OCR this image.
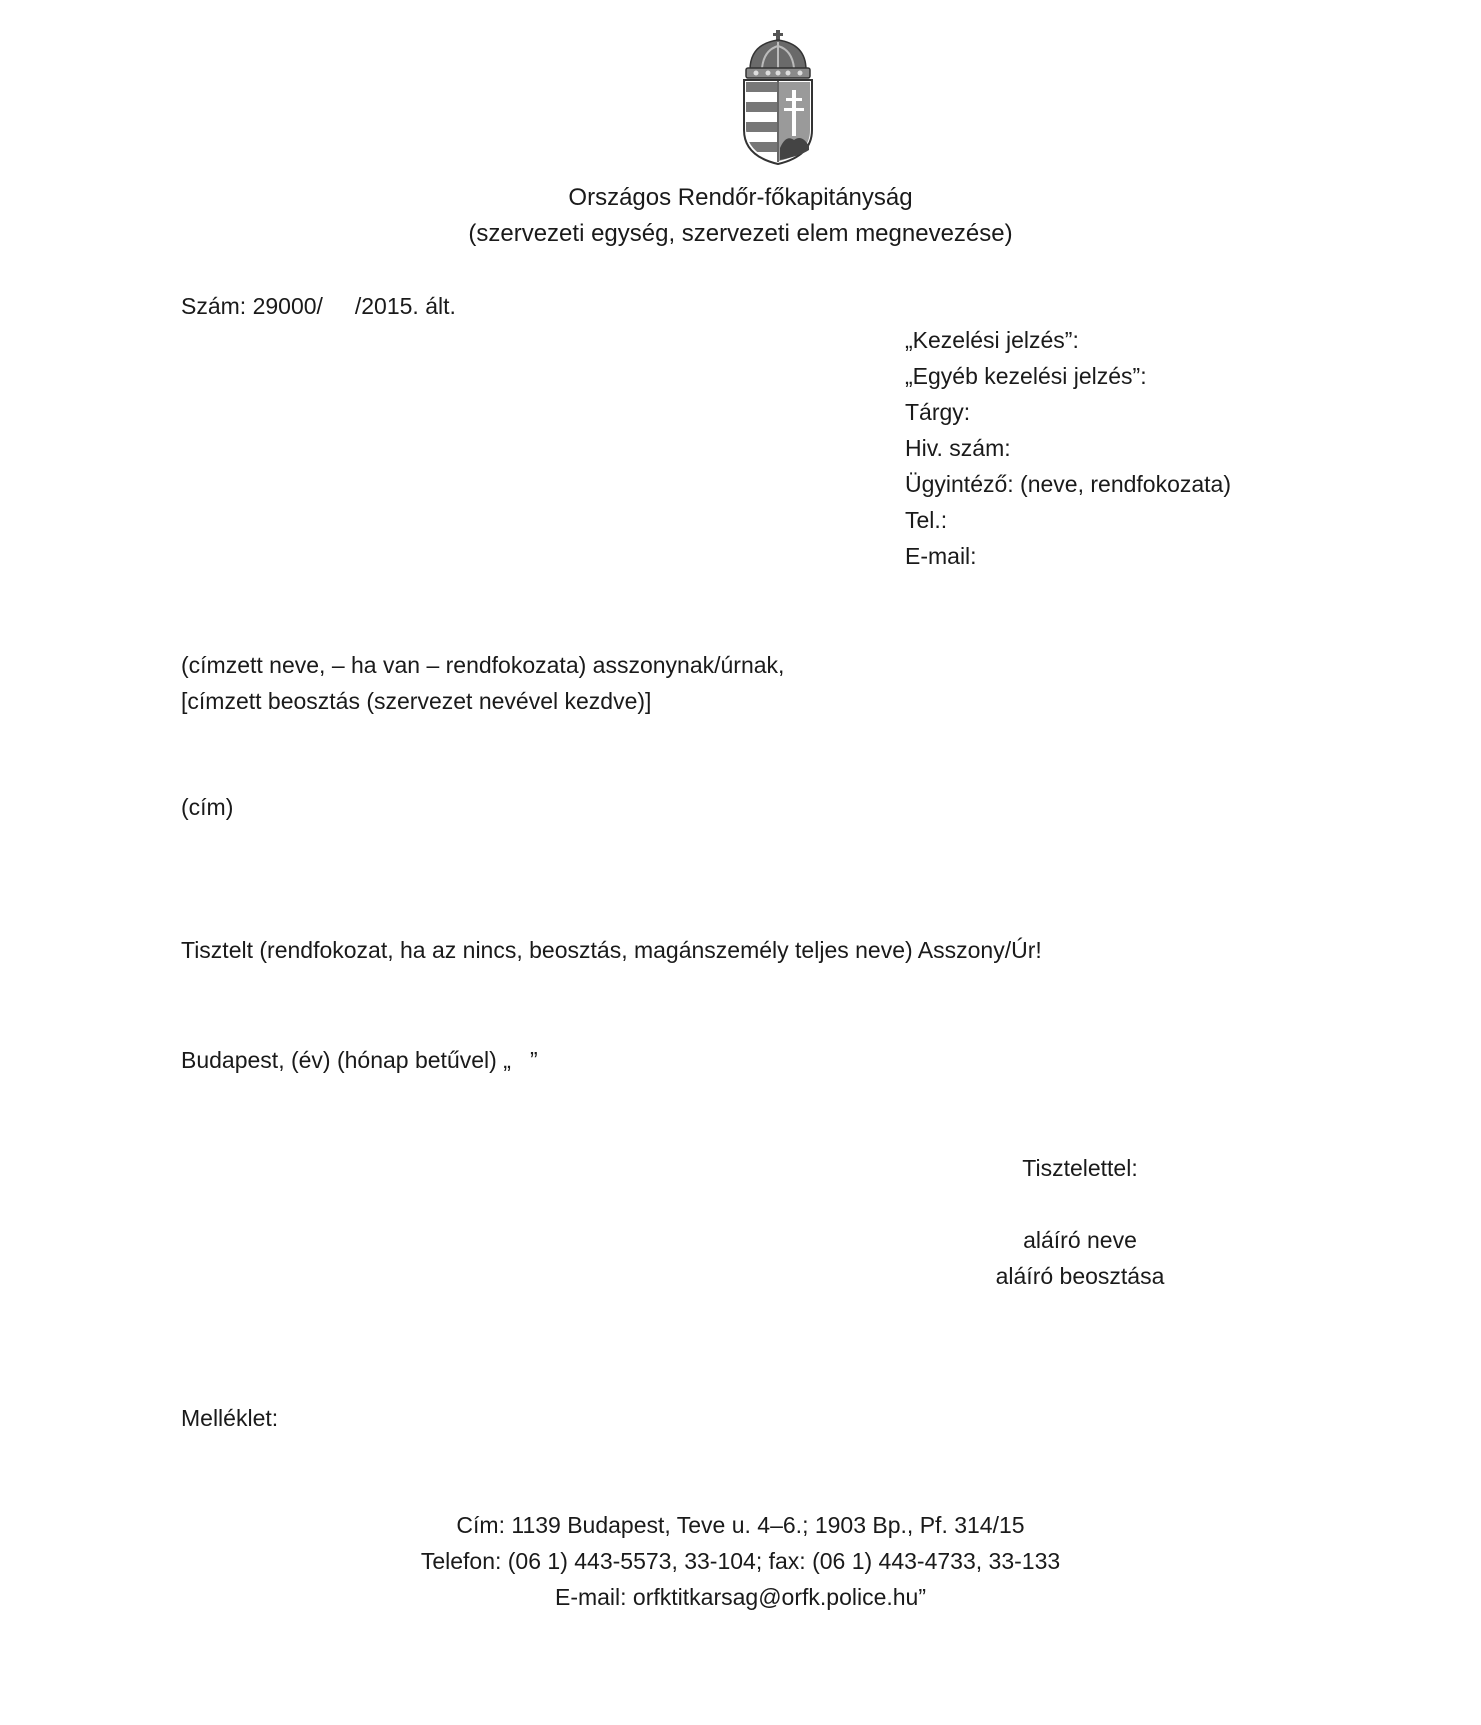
Országos Rendőr-főkapitányság
(szervezeti egység, szervezeti elem megnevezése)
Szám: 29000/     /2015. ált.
„Kezelési jelzés”:
„Egyéb kezelési jelzés”:
Tárgy:
Hiv. szám:
Ügyintéző: (neve, rendfokozata)
Tel.:
E-mail:
(címzett neve, – ha van – rendfokozata) asszonynak/úrnak,
[címzett beosztás (szervezet nevével kezdve)]
(cím)
Tisztelt (rendfokozat, ha az nincs, beosztás, magánszemély teljes neve) Asszony/Úr!
Budapest, (év) (hónap betűvel) „   ”
Tisztelettel:
aláíró neve
aláíró beosztása
Melléklet:
Cím: 1139 Budapest, Teve u. 4–6.; 1903 Bp., Pf. 314/15
Telefon: (06 1) 443-5573, 33-104; fax: (06 1) 443-4733, 33-133
E-mail: orfktitkarsag@orfk.police.hu”
